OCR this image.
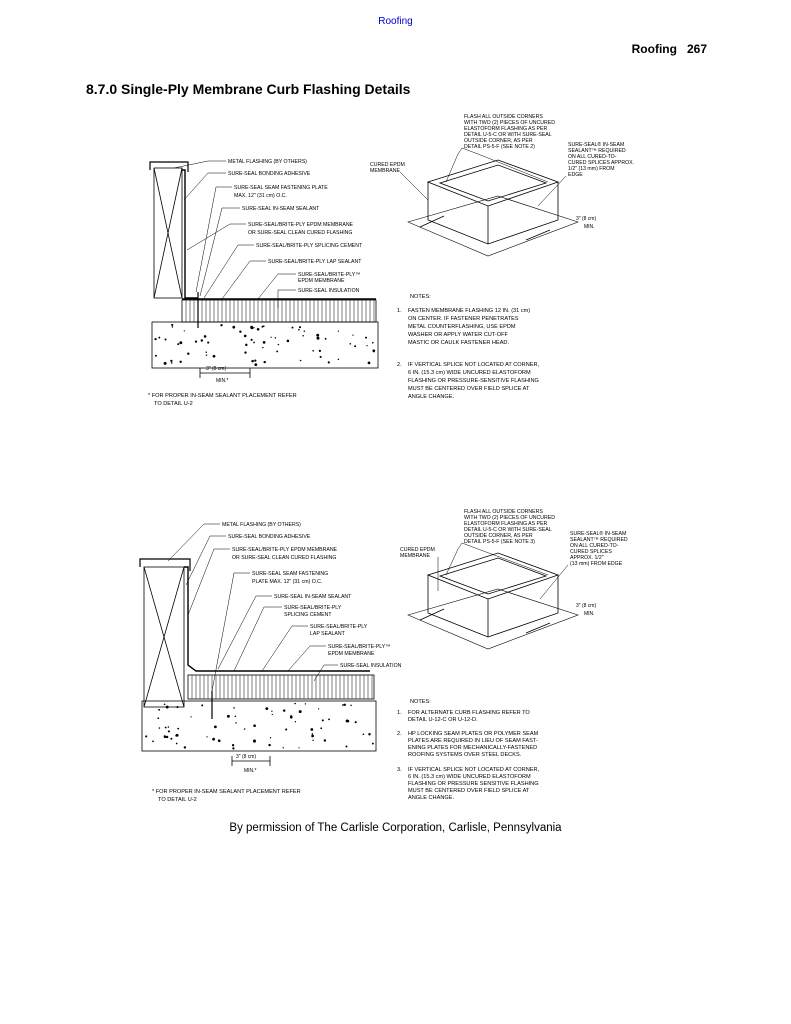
Roofing
Roofing 267
8.7.0 Single-Ply Membrane Curb Flashing Details
METAL FLASHING (BY OTHERS)
SURE-SEAL BONDING ADHESIVE
SURE-SEAL SEAM FASTENING PLATE
MAX. 12" (31 cm) O.C.
SURE-SEAL IN-SEAM SEALANT
SURE-SEAL/BRITE-PLY EPDM MEMBRANE
OR SURE-SEAL CLEAN CURED FLASHING
SURE-SEAL/BRITE-PLY SPLICING CEMENT
SURE-SEAL/BRITE-PLY LAP SEALANT
SURE-SEAL/BRITE-PLY™
EPDM MEMBRANE
SURE-SEAL INSULATION
3" (8 cm)
MIN.*
FLASH ALL OUTSIDE CORNERS
WITH TWO (2) PIECES OF UNCURED
ELASTOFORM FLASHING AS PER
DETAIL U-5-C OR WITH SURE-SEAL
OUTSIDE CORNER, AS PER
DETAIL PS-5-F (SEE NOTE 2)
CURED EPDM
MEMBRANE
SURE-SEAL® IN-SEAM
SEALANT™ REQUIRED
ON ALL CURED-TO-
CURED SPLICES APPROX.
1/2" (13 mm) FROM
EDGE
3" (8 cm)
MIN.
NOTES:
1. FASTEN MEMBRANE FLASHING 12 IN. (31 cm)
ON CENTER. IF FASTENER PENETRATES
METAL COUNTERFLASHING, USE EPDM
WASHER OR APPLY WATER CUT-OFF
MASTIC OR CAULK FASTENER HEAD.
2. IF VERTICAL SPLICE NOT LOCATED AT CORNER,
6 IN. (15.3 cm) WIDE UNCURED ELASTOFORM
FLASHING OR PRESSURE-SENSITIVE FLASHING
MUST BE CENTERED OVER FIELD SPLICE AT
ANGLE CHANGE.
* FOR PROPER IN-SEAM SEALANT PLACEMENT REFER
TO DETAIL U-2
METAL FLASHING (BY OTHERS)
SURE-SEAL BONDING ADHESIVE
SURE-SEAL/BRITE-PLY EPDM MEMBRANE
OR SURE-SEAL CLEAN CURED FLASHING
SURE-SEAL SEAM FASTENING
PLATE MAX. 12" (31 cm) O.C.
SURE-SEAL IN-SEAM SEALANT
SURE-SEAL/BRITE-PLY
SPLICING CEMENT
SURE-SEAL/BRITE-PLY
LAP SEALANT
SURE-SEAL/BRITE-PLY™
EPDM MEMBRANE
SURE-SEAL INSULATION
3" (8 cm)
MIN.*
FLASH ALL OUTSIDE CORNERS
WITH TWO (2) PIECES OF UNCURED
ELASTOFORM FLASHING AS PER
DETAIL U-5-C OR WITH SURE-SEAL
OUTSIDE CORNER, AS PER
DETAIL PS-5-F (SEE NOTE 3)
CURED EPDM
MEMBRANE
SURE-SEAL® IN-SEAM
SEALANT™ REQUIRED
ON ALL CURED-TO-
CURED SPLICES
APPROX. 1/2"
(13 mm) FROM EDGE
3" (8 cm)
MIN.
NOTES:
1. FOR ALTERNATE CURB FLASHING REFER TO
DETAIL U-12-C OR U-12-D.
2. HP LOCKING SEAM PLATES OR POLYMER SEAM
PLATES ARE REQUIRED IN LIEU OF SEAM FAST-
ENING PLATES FOR MECHANICALLY-FASTENED
ROOFING SYSTEMS OVER STEEL DECKS.
3. IF VERTICAL SPLICE NOT LOCATED AT CORNER,
6 IN. (15.3 cm) WIDE UNCURED ELASTOFORM
FLASHING OR PRESSURE SENSITIVE FLASHING
MUST BE CENTERED OVER FIELD SPLICE AT
ANGLE CHANGE.
* FOR PROPER IN-SEAM SEALANT PLACEMENT REFER
TO DETAIL U-2
By permission of The Carlisle Corporation, Carlisle, Pennsylvania
